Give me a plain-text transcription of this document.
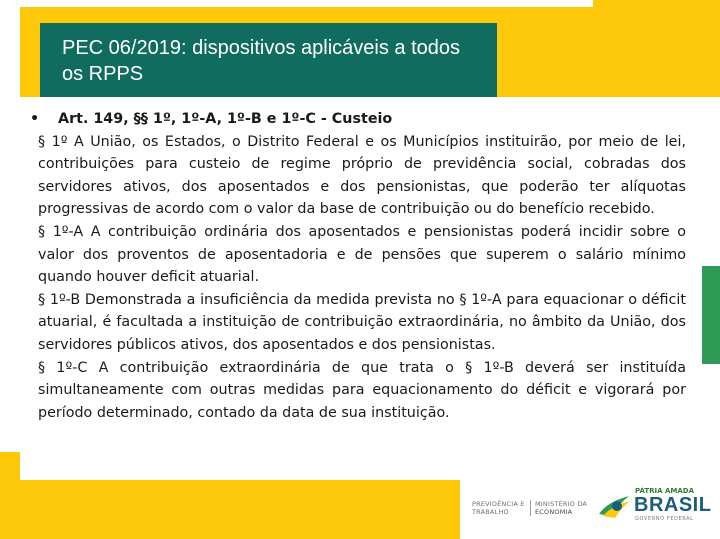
PEC 06/2019: dispositivos aplicáveis a todos os RPPS
• Art. 149, §§ 1º, 1º-A, 1º-B e 1º-C - Custeio

§ 1º A União, os Estados, o Distrito Federal e os Municípios instituirão, por meio de lei, contribuições para custeio de regime próprio de previdência social, cobradas dos servidores ativos, dos aposentados e dos pensionistas, que poderão ter alíquotas progressivas de acordo com o valor da base de contribuição ou do benefício recebido.

§ 1º-A A contribuição ordinária dos aposentados e pensionistas poderá incidir sobre o valor dos proventos de aposentadoria e de pensões que superem o salário mínimo quando houver deficit atuarial.

§ 1º-B Demonstrada a insuficiência da medida prevista no § 1º-A para equacionar o déficit atuarial, é facultada a instituição de contribuição extraordinária, no âmbito da União, dos servidores públicos ativos, dos aposentados e dos pensionistas.

§ 1º-C A contribuição extraordinária de que trata o § 1º-B deverá ser instituída simultaneamente com outras medidas para equacionamento do déficit e vigorará por período determinado, contado da data de sua instituição.

PREVIDÊNCIA E
TRABALHO
MINISTÉRIO DA
ECONOMIA
PÁTRIA AMADA
BRASIL
GOVERNO FEDERAL
